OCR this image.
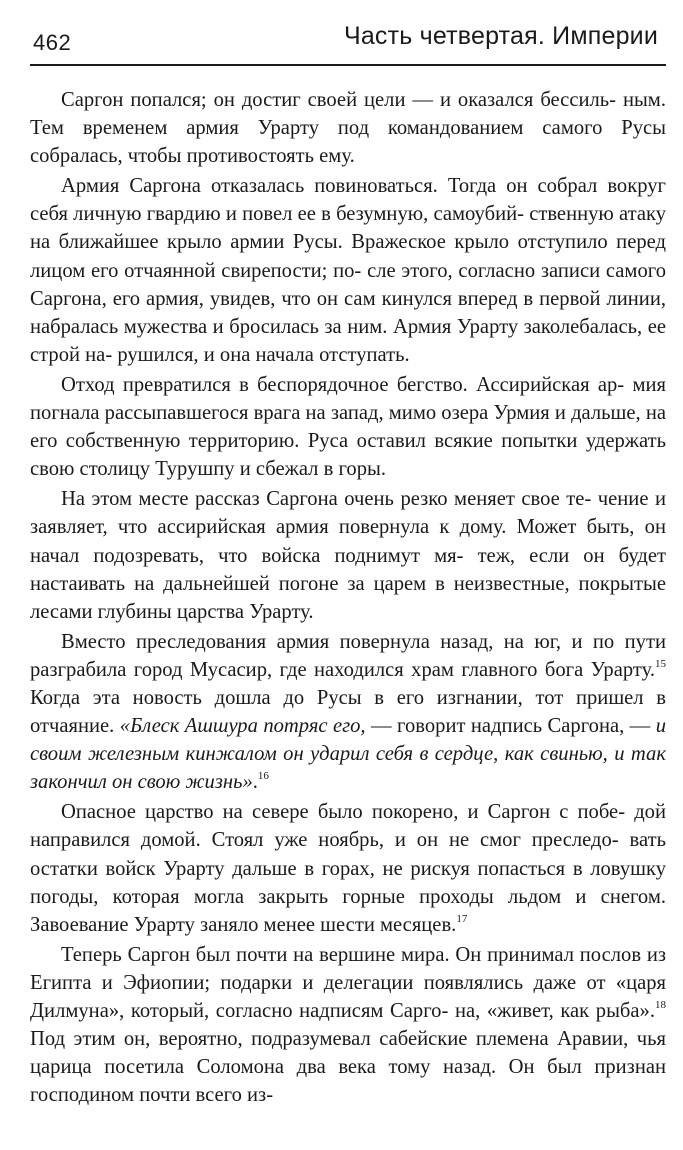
462	Часть четвертая. Империи

Саргон попался; он достиг своей цели — и оказался бессиль- ным. Тем временем армия Урарту под командованием самого Русы собралась, чтобы противостоять ему.

Армия Саргона отказалась повиноваться. Тогда он собрал вокруг себя личную гвардию и повел ее в безумную, самоубий- ственную атаку на ближайшее крыло армии Русы. Вражеское крыло отступило перед лицом его отчаянной свирепости; по- сле этого, согласно записи самого Саргона, его армия, увидев, что он сам кинулся вперед в первой линии, набралась мужества и бросилась за ним. Армия Урарту заколебалась, ее строй на- рушился, и она начала отступать.

Отход превратился в беспорядочное бегство. Ассирийская ар- мия погнала рассыпавшегося врага на запад, мимо озера Урмия и дальше, на его собственную территорию. Руса оставил всякие попытки удержать свою столицу Турушпу и сбежал в горы.

На этом месте рассказ Саргона очень резко меняет свое те- чение и заявляет, что ассирийская армия повернула к дому. Может быть, он начал подозревать, что войска поднимут мя- теж, если он будет настаивать на дальнейшей погоне за царем в неизвестные, покрытые лесами глубины царства Урарту.

Вместо преследования армия повернула назад, на юг, и по пути разграбила город Мусасир, где находился храм главного бога Урарту.$^{15}$ Когда эта новость дошла до Русы в его изгнании, тот пришел в отчаяние. «Блеск Ашшура потряс его, — говорит надпись Саргона, — и своим железным кинжалом он ударил себя в сердце, как свинью, и так закончил он свою жизнь».$^{16}$

Опасное царство на севере было покорено, и Саргон с побе- дой направился домой. Стоял уже ноябрь, и он не смог преследо- вать остатки войск Урарту дальше в горах, не рискуя попасться в ловушку погоды, которая могла закрыть горные проходы льдом и снегом. Завоевание Урарту заняло менее шести месяцев.$^{17}$

Теперь Саргон был почти на вершине мира. Он принимал послов из Египта и Эфиопии; подарки и делегации появлялись даже от «царя Дилмуна», который, согласно надписям Сарго- на, «живет, как рыба».$^{18}$ Под этим он, вероятно, подразумевал сабейские племена Аравии, чья царица посетила Соломона два века тому назад. Он был признан господином почти всего из-
